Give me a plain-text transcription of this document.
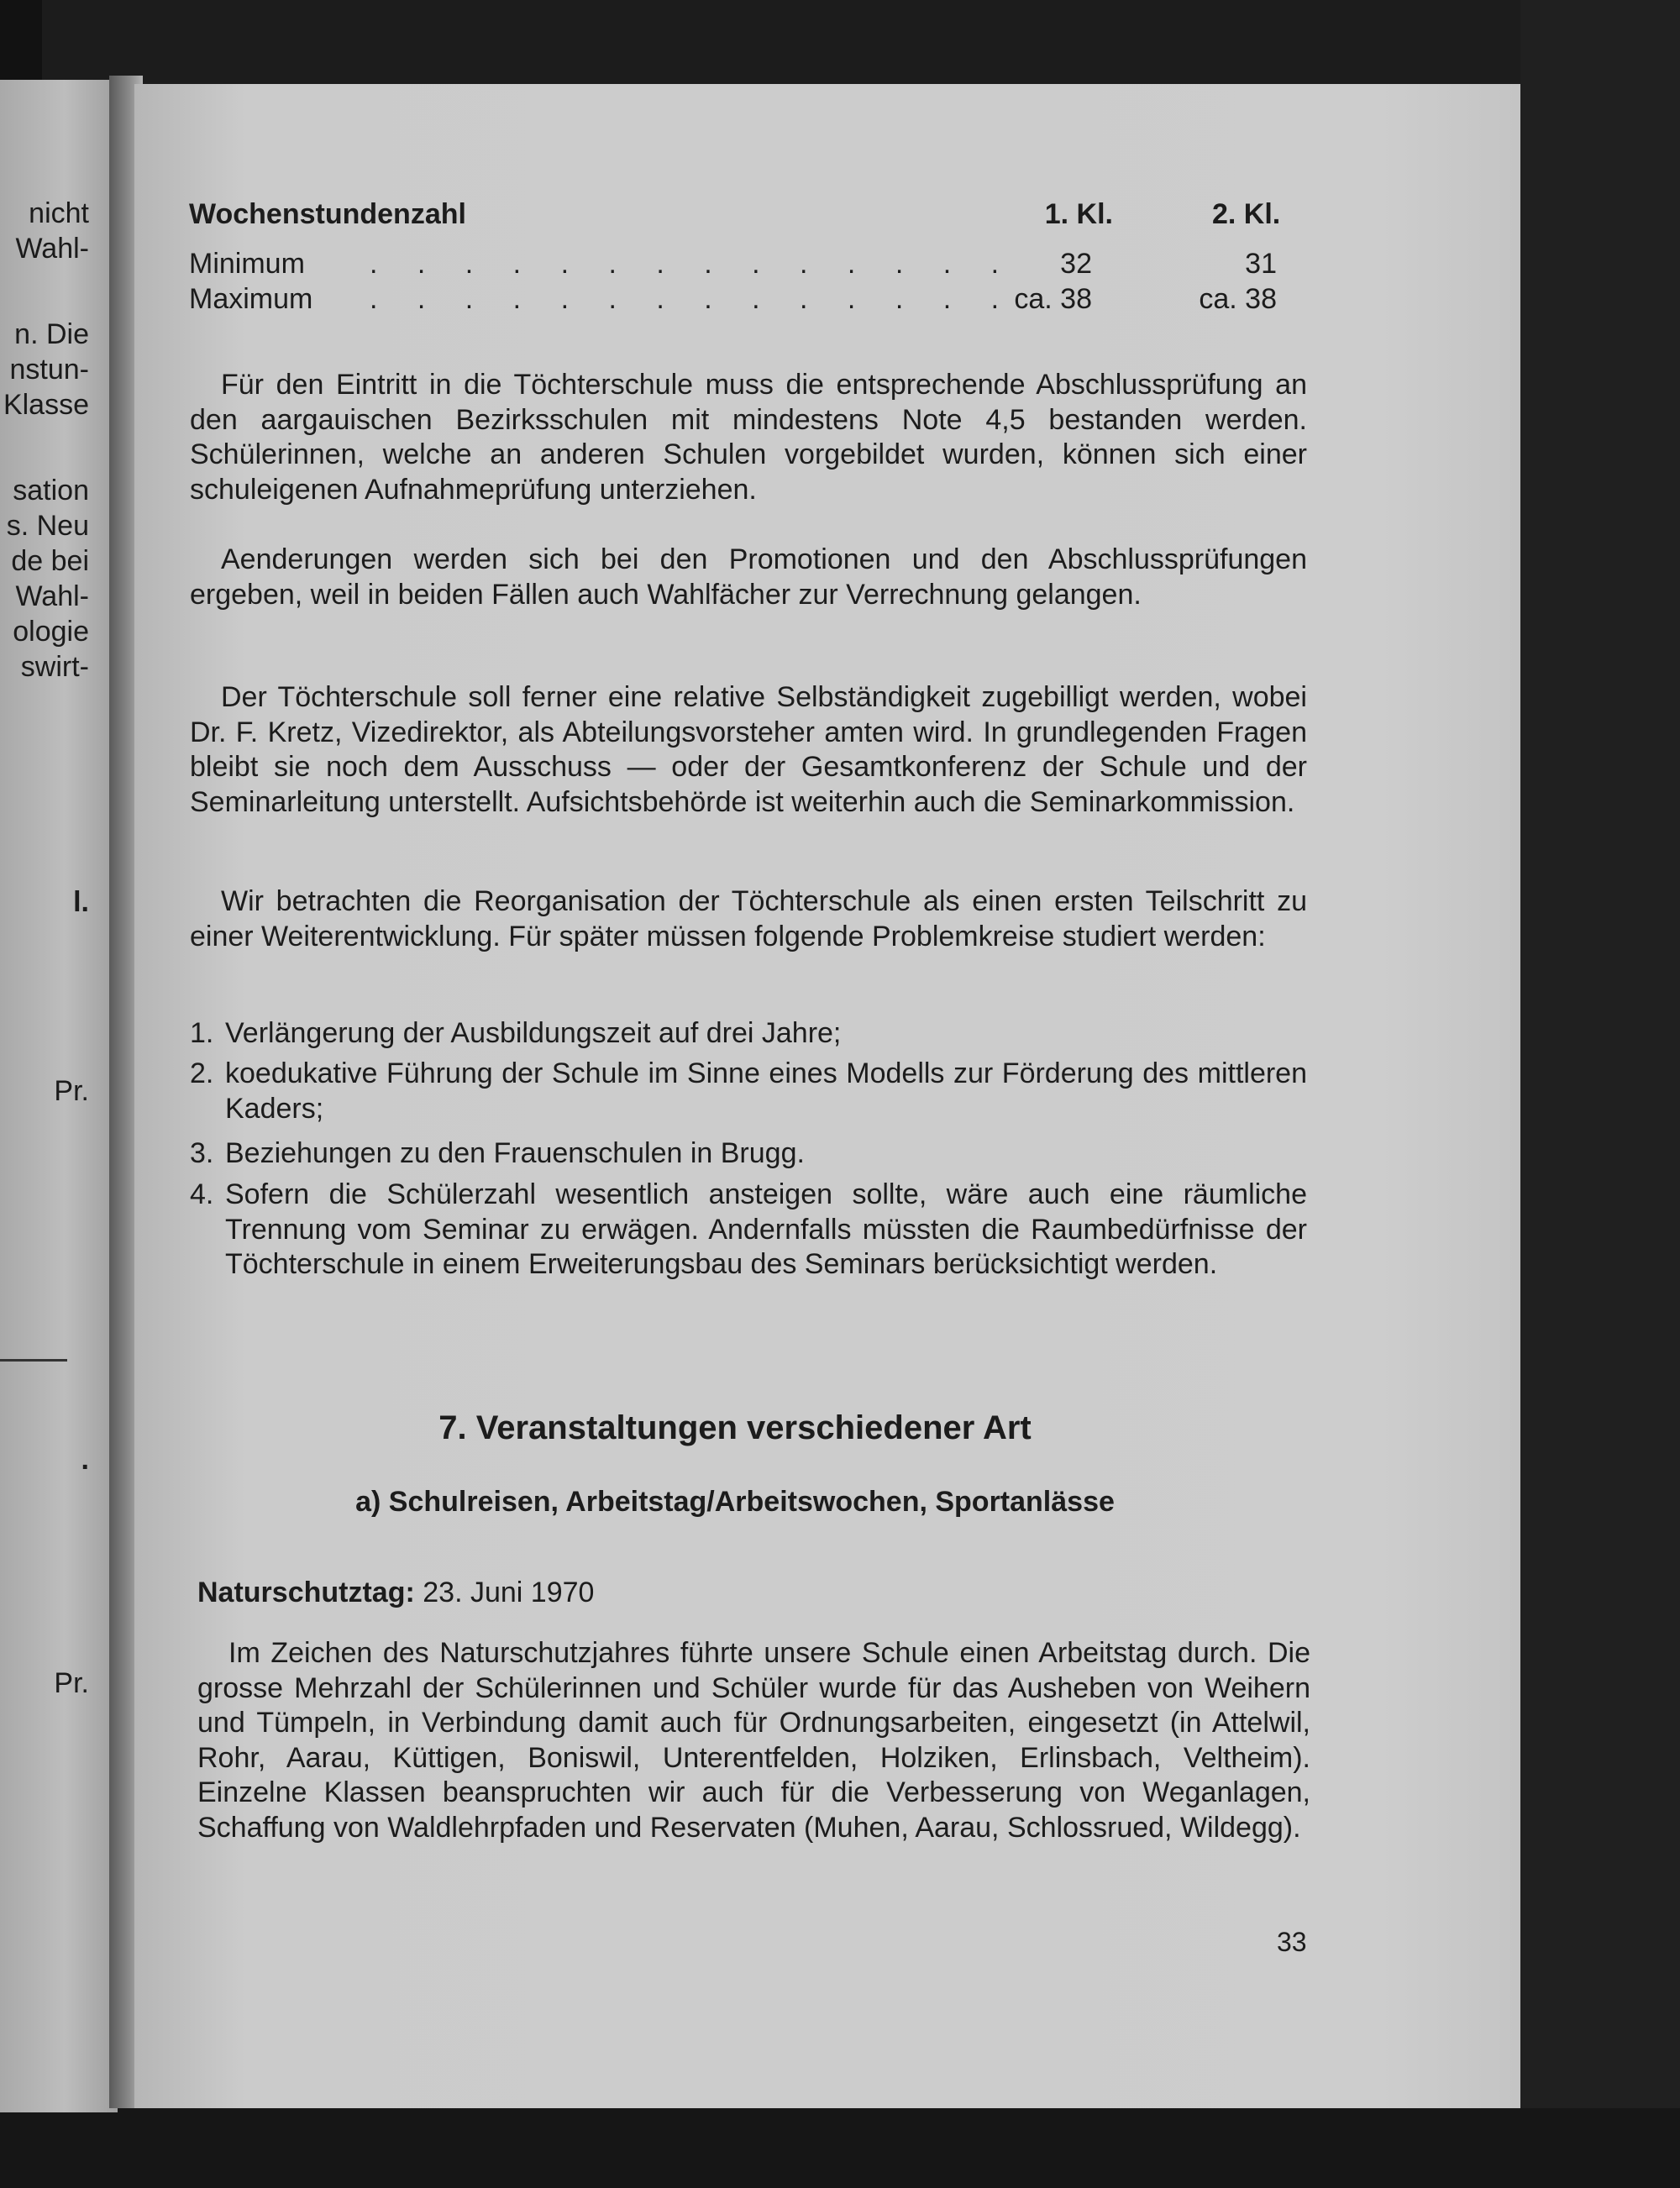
nicht
Wahl-
n. Die
nstun-
Klasse
sation
s. Neu
de bei
Wahl-
ologie
swirt-
l.
Pr.
.
Pr.
Wochenstundenzahl	1. Kl.	2. Kl.
Minimum . . . . . . . . . . . . . .	32	31
Maximum . . . . . . . . . . . . . . ca. 38	ca. 38

Für den Eintritt in die Töchterschule muss die entsprechende Abschlussprüfung an den aargauischen Bezirksschulen mit mindestens Note 4,5 bestanden werden. Schülerinnen, welche an anderen Schulen vorgebildet wurden, können sich einer schuleigenen Aufnahmeprüfung unterziehen.

Aenderungen werden sich bei den Promotionen und den Abschlussprüfungen ergeben, weil in beiden Fällen auch Wahlfächer zur Verrechnung gelangen.

Der Töchterschule soll ferner eine relative Selbständigkeit zugebilligt werden, wobei Dr. F. Kretz, Vizedirektor, als Abteilungsvorsteher amten wird. In grundlegenden Fragen bleibt sie noch dem Ausschuss — oder der Gesamtkonferenz der Schule und der Seminarleitung unterstellt. Aufsichtsbehörde ist weiterhin auch die Seminarkommission.

Wir betrachten die Reorganisation der Töchterschule als einen ersten Teilschritt zu einer Weiterentwicklung. Für später müssen folgende Problemkreise studiert werden:

1. Verlängerung der Ausbildungszeit auf drei Jahre;
2. koedukative Führung der Schule im Sinne eines Modells zur Förderung des mittleren Kaders;
3. Beziehungen zu den Frauenschulen in Brugg.
4. Sofern die Schülerzahl wesentlich ansteigen sollte, wäre auch eine räumliche Trennung vom Seminar zu erwägen. Andernfalls müssten die Raumbedürfnisse der Töchterschule in einem Erweiterungsbau des Seminars berücksichtigt werden.
7. Veranstaltungen verschiedener Art
a) Schulreisen, Arbeitstag/Arbeitswochen, Sportanlässe
Naturschutztag: 23. Juni 1970

Im Zeichen des Naturschutzjahres führte unsere Schule einen Arbeitstag durch. Die grosse Mehrzahl der Schülerinnen und Schüler wurde für das Ausheben von Weihern und Tümpeln, in Verbindung damit auch für Ordnungsarbeiten, eingesetzt (in Attelwil, Rohr, Aarau, Küttigen, Boniswil, Unterentfelden, Holziken, Erlinsbach, Veltheim). Einzelne Klassen beanspruchten wir auch für die Verbesserung von Weganlagen, Schaffung von Waldlehrpfaden und Reservaten (Muhen, Aarau, Schlossrued, Wildegg).

33
